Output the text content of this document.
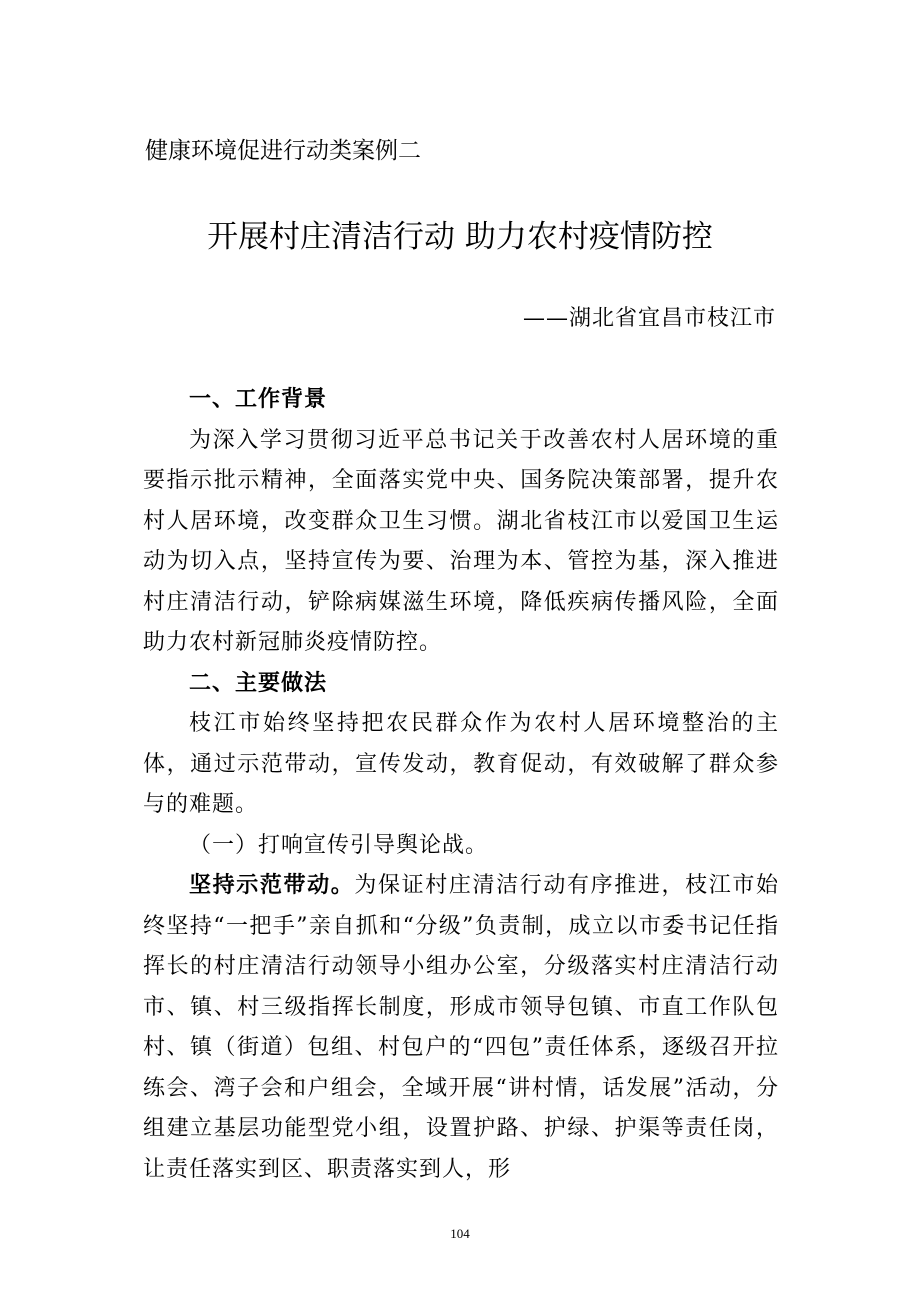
健康环境促进行动类案例二
开展村庄清洁行动 助力农村疫情防控
——湖北省宜昌市枝江市

一、工作背景

为深入学习贯彻习近平总书记关于改善农村人居环境的重要指示批示精神，全面落实党中央、国务院决策部署，提升农村人居环境，改变群众卫生习惯。湖北省枝江市以爱国卫生运动为切入点，坚持宣传为要、治理为本、管控为基，深入推进村庄清洁行动，铲除病媒滋生环境，降低疾病传播风险，全面助力农村新冠肺炎疫情防控。

二、主要做法

枝江市始终坚持把农民群众作为农村人居环境整治的主体，通过示范带动，宣传发动，教育促动，有效破解了群众参与的难题。

（一）打响宣传引导舆论战。

坚持示范带动。为保证村庄清洁行动有序推进，枝江市始终坚持“一把手”亲自抓和“分级”负责制，成立以市委书记任指挥长的村庄清洁行动领导小组办公室，分级落实村庄清洁行动市、镇、村三级指挥长制度，形成市领导包镇、市直工作队包村、镇（街道）包组、村包户的“四包”责任体系，逐级召开拉练会、湾子会和户组会，全域开展“讲村情，话发展”活动，分组建立基层功能型党小组，设置护路、护绿、护渠等责任岗，让责任落实到区、职责落实到人，形

104
